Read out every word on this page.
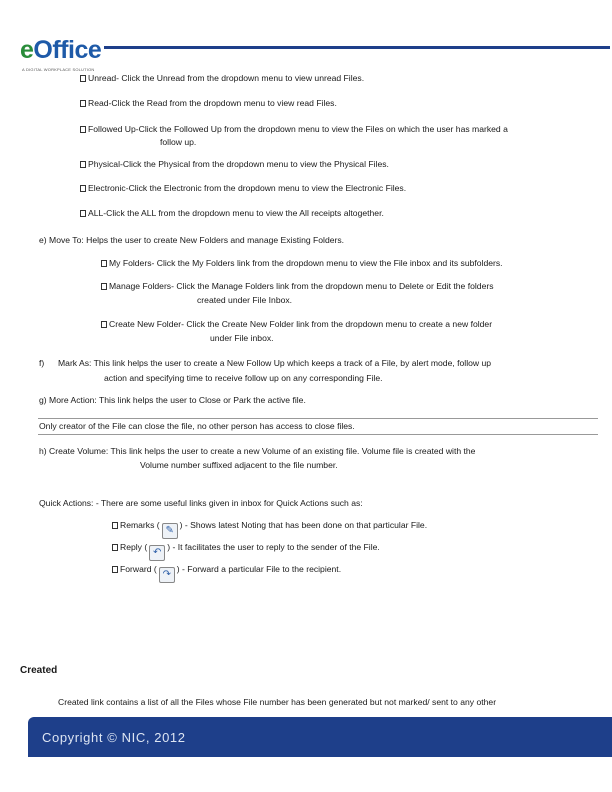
eOffice
A DIGITAL WORKPLACE SOLUTION
Unread- Click the Unread from the dropdown menu to view unread Files.
Read-Click the Read from the dropdown menu to view read Files.
Followed Up-Click the Followed Up from the dropdown menu to view the Files on which the user has marked a
follow up.
Physical-Click the Physical from the dropdown menu to view the Physical Files.
Electronic-Click the Electronic from the dropdown menu to view the Electronic Files.
ALL-Click the ALL from the dropdown menu to view the All receipts altogether.
e) Move To: Helps the user to create New Folders and manage Existing Folders.
My Folders- Click the My Folders link from the dropdown menu to view the File inbox and its subfolders.
Manage Folders- Click the Manage Folders link from the dropdown menu to Delete or Edit the folders
created under File Inbox.
Create New Folder- Click the Create New Folder link from the dropdown menu to create a new folder
under File inbox.
f) Mark As: This link helps the user to create a New Follow Up which keeps a track of a File, by alert mode, follow up
action and specifying time to receive follow up on any corresponding File.
g) More Action: This link helps the user to Close or Park the active file.
Only creator of the File can close the file, no other person has access to close files.
h) Create Volume: This link helps the user to create a new Volume of an existing file. Volume file is created with the
Volume number suffixed adjacent to the file number.
Quick Actions: - There are some useful links given in inbox for Quick Actions such as:
Remarks ( ✎ ) - Shows latest Noting that has been done on that particular File.
Reply ( ↶ ) - It facilitates the user to reply to the sender of the File.
Forward ( ↷ ) - Forward a particular File to the recipient.
Created
Created link contains a list of all the Files whose File number has been generated but not marked/ sent to any other
Copyright © NIC, 2012
